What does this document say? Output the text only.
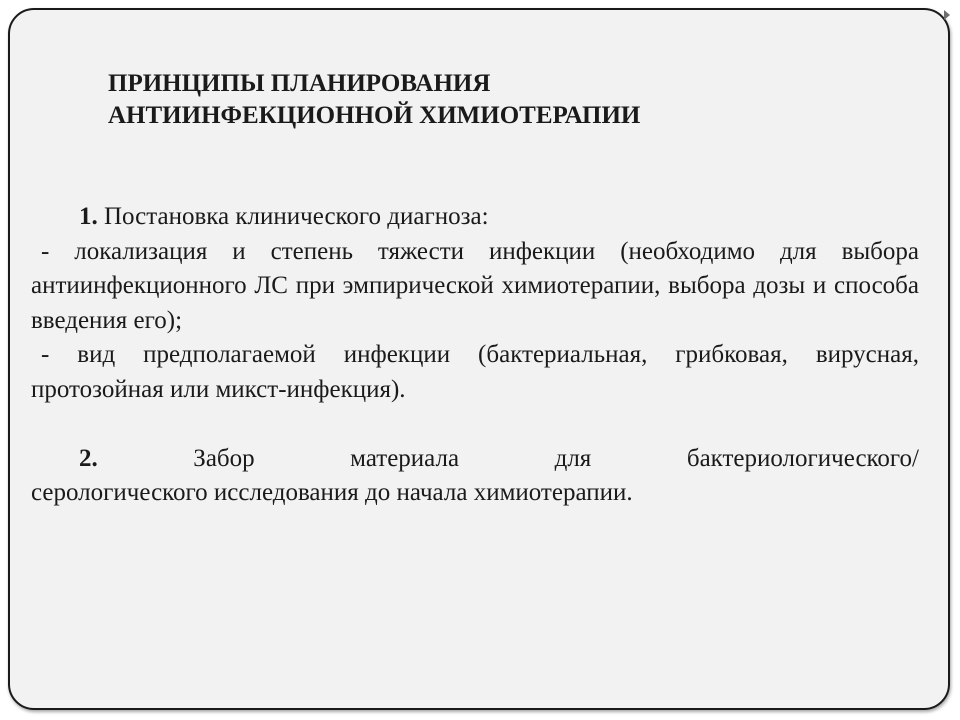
ПРИНЦИПЫ ПЛАНИРОВАНИЯ
АНТИИНФЕКЦИОННОЙ ХИМИОТЕРАПИИ

1. Постановка клинического диагноза:

- локализация и степень тяжести инфекции (необходимо для выбора антиинфекционного ЛС при эмпирической химиотерапии, выбора дозы и способа введения его);

- вид предполагаемой инфекции (бактериальная, грибковая, вирусная, протозойная или микст-инфекция).

2.	Забор материала для бактериологического/

серологического исследования до начала химиотерапии.
